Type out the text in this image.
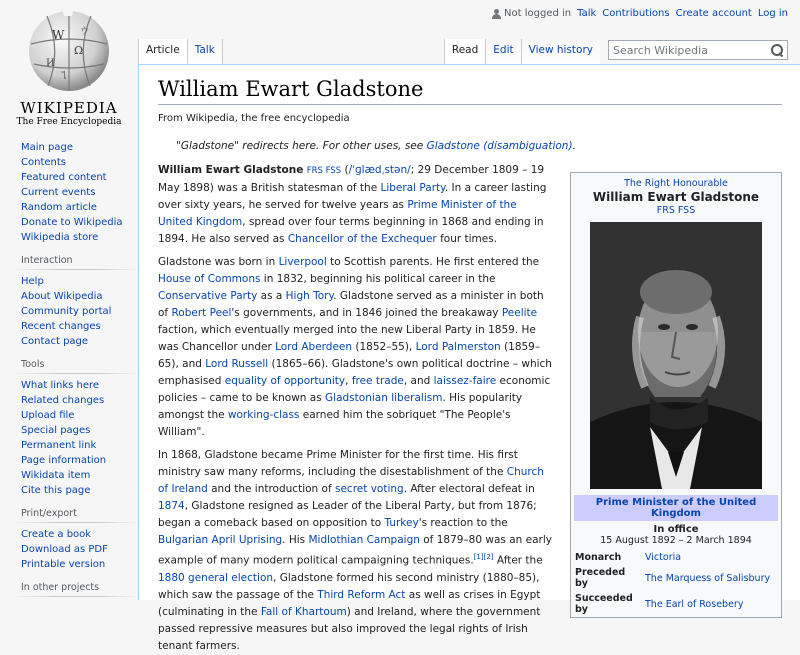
Not logged in Talk Contributions Create account Log in
W
Ω
И
ウ
ไ
WIKIPEDIA
The Free Encyclopedia
Main page
Contents
Featured content
Current events
Random article
Donate to Wikipedia
Wikipedia store
Interaction
Help
About Wikipedia
Community portal
Recent changes
Contact page
Tools
What links here
Related changes
Upload file
Special pages
Permanent link
Page information
Wikidata item
Cite this page
Print/export
Create a book
Download as PDF
Printable version
In other projects
Article	Talk	Read	Edit	View history
Search Wikipedia
William Ewart Gladstone
From Wikipedia, the free encyclopedia
"Gladstone" redirects here. For other uses, see Gladstone (disambiguation).

William Ewart Gladstone FRS FSS (/ˈɡlædˌstən/; 29 December 1809 – 19 May 1898) was a British statesman of the Liberal Party. In a career lasting over sixty years, he served for twelve years as Prime Minister of the United Kingdom, spread over four terms beginning in 1868 and ending in 1894. He also served as Chancellor of the Exchequer four times.

Gladstone was born in Liverpool to Scottish parents. He first entered the House of Commons in 1832, beginning his political career in the Conservative Party as a High Tory. Gladstone served as a minister in both of Robert Peel's governments, and in 1846 joined the breakaway Peelite faction, which eventually merged into the new Liberal Party in 1859. He was Chancellor under Lord Aberdeen (1852–55), Lord Palmerston (1859–65), and Lord Russell (1865–66). Gladstone's own political doctrine – which emphasised equality of opportunity, free trade, and laissez-faire economic policies – came to be known as Gladstonian liberalism. His popularity amongst the working-class earned him the sobriquet "The People's William".

In 1868, Gladstone became Prime Minister for the first time. His first ministry saw many reforms, including the disestablishment of the Church of Ireland and the introduction of secret voting. After electoral defeat in 1874, Gladstone resigned as Leader of the Liberal Party, but from 1876; began a comeback based on opposition to Turkey's reaction to the Bulgarian April Uprising. His Midlothian Campaign of 1879–80 was an early example of many modern political campaigning techniques.[1][2] After the 1880 general election, Gladstone formed his second ministry (1880–85), which saw the passage of the Third Reform Act as well as crises in Egypt (culminating in the Fall of Khartoum) and Ireland, where the government passed repressive measures but also improved the legal rights of Irish tenant farmers.

The Right Honourable
William Ewart Gladstone
FRS FSS
Prime Minister of the United Kingdom
In office
15 August 1892 – 2 March 1894
Monarch	Victoria
Preceded by	The Marquess of Salisbury
Succeeded by	The Earl of Rosebery
